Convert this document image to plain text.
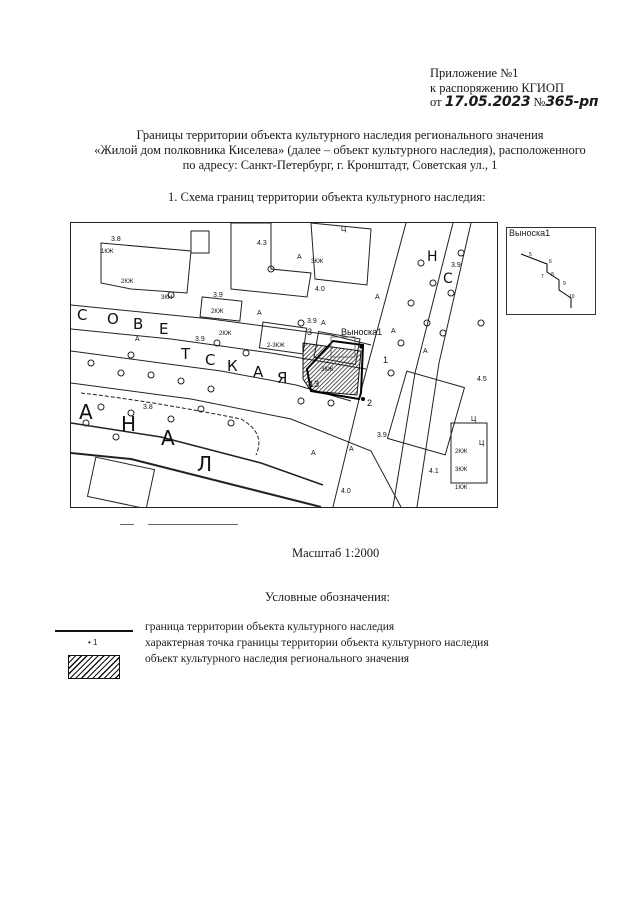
Приложение №1
к распоряжению КГИОП
от 17.05.2023 №365-рп
Границы территории объекта культурного наследия регионального значения
«Жилой дом полковника Киселева» (далее – объект культурного наследия), расположенного
по адресу: Санкт-Петербург, г. Кронштадт, Советская ул., 1
1. Схема границ территории объекта культурного наследия:
С О В Е
Т С К А Я
А Н
А
Л
Н
С
2КЖ
3КН
2КЖ
2КЖ
2-3КЖ
3КЖ
1КЖ
3КЖ
2КЖ
3КЖ
1КЖ
3.8
4.3
4.0
3.9
3.9
3.8
3.9
4.0
4.1
4.5
3.9
3.9
А
А
А
А
А
А
А
А
А
Ц
Ц
Ц
Выноска1
1
2
3
13
Выноска1
5
6
8
7
9
10
Масштаб 1:2000
Условные обозначения:
• 1
граница территории объекта культурного наследия
характерная точка границы территории объекта культурного наследия
объект культурного наследия регионального значения
